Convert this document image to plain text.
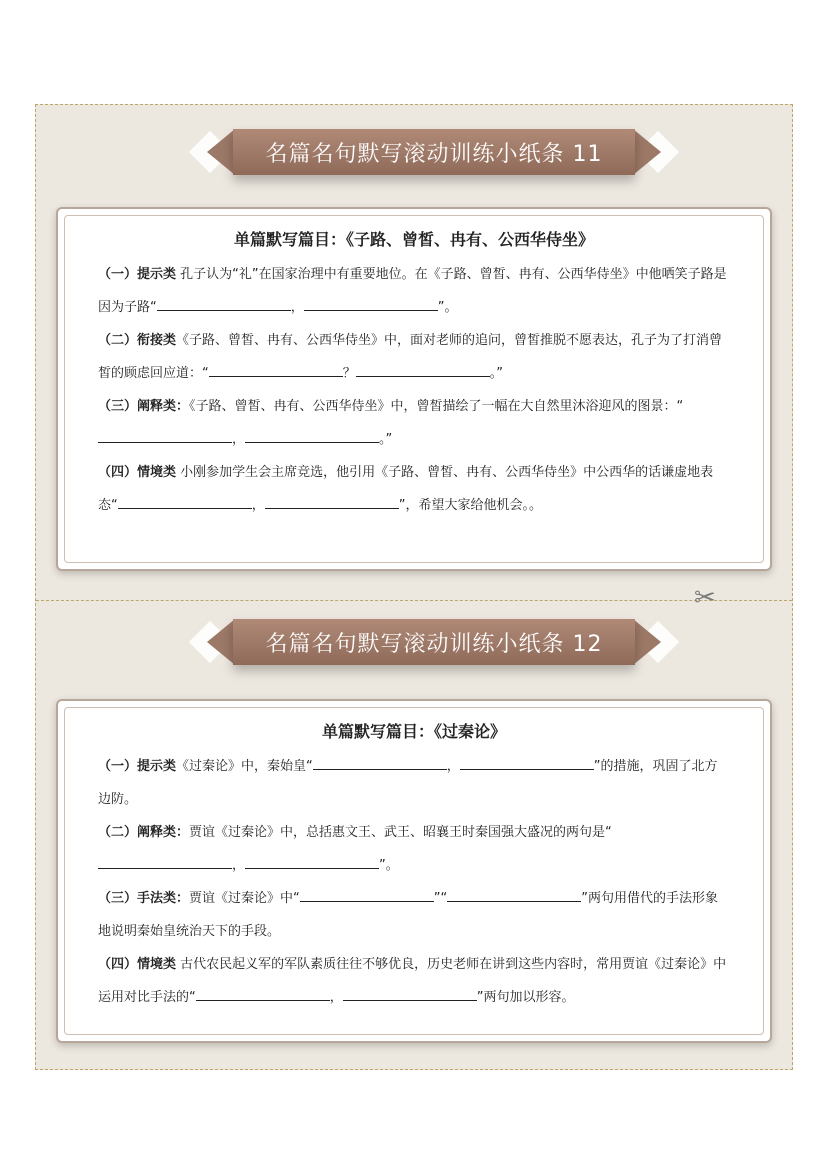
名篇名句默写滚动训练小纸条 11
单篇默写篇目：《子路、曾皙、冉有、公西华侍坐》
（一）提示类 孔子认为“礼”在国家治理中有重要地位。在《子路、曾皙、冉有、公西华侍坐》中他哂笑子路是因为子路“	，	”。
（二）衔接类《子路、曾皙、冉有、公西华侍坐》中，面对老师的追问，曾皙推脱不愿表达，孔子为了打消曾皙的顾虑回应道：“	？	。”
（三）阐释类：《子路、曾皙、冉有、公西华侍坐》中，曾皙描绘了一幅在大自然里沐浴迎风的图景：“，	。”
（四）情境类 小刚参加学生会主席竞选，他引用《子路、曾皙、冉有、公西华侍坐》中公西华的话谦虚地表态“	，	”，希望大家给他机会。。
✂
名篇名句默写滚动训练小纸条 12
单篇默写篇目：《过秦论》
（一）提示类《过秦论》中，秦始皇“	，	”的措施，巩固了北方边防。
（二）阐释类：贾谊《过秦论》中，总括惠文王、武王、昭襄王时秦国强大盛况的两句是“，	”。
（三）手法类：贾谊《过秦论》中“	”“	”两句用借代的手法形象地说明秦始皇统治天下的手段。
（四）情境类 古代农民起义军的军队素质往往不够优良，历史老师在讲到这些内容时，常用贾谊《过秦论》中运用对比手法的“	，	”两句加以形容。
